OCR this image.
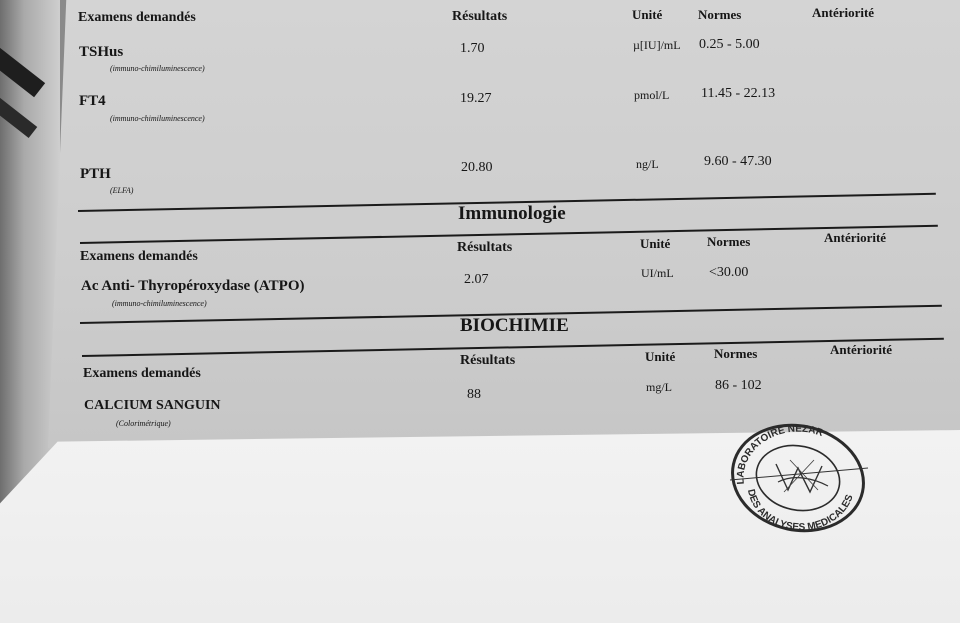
Examens demandés	Résultats	Unité	Normes	Antériorité
TSHus
(immuno-chimiluminescence)
1.70	µ[IU]/mL 0.25 - 5.00
FT4
(immuno-chimiluminescence)
19.27	pmol/L 11.45 - 22.13
PTH
(ELFA)
20.80	ng/L	9.60 - 47.30
Immunologie
Examens demandés
Résultats	Unité	Normes	Antériorité
Ac Anti- Thyropéroxydase (ATPO)
(immuno-chimiluminescence)
2.07	UI/mL	<30.00
BIOCHIMIE
Examens demandés
Résultats	Unité	Normes	Antériorité
CALCIUM SANGUIN
(Colorimétrique)
88	mg/L	86 - 102
LABORATOIRE NEZAR
DES ANALYSES MEDICALES
